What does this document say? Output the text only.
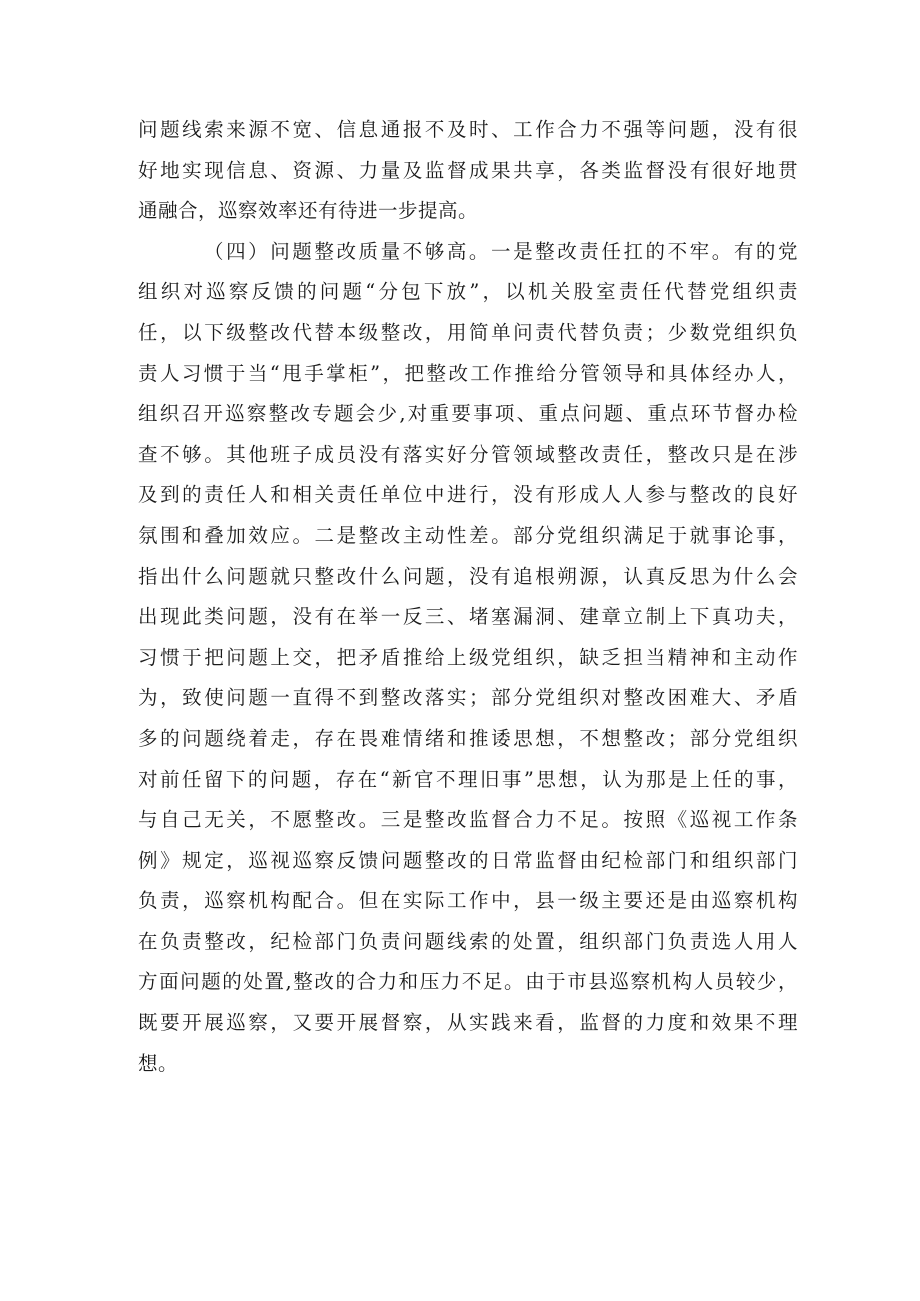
问题线索来源不宽、信息通报不及时、工作合力不强等问题，没有很
好地实现信息、资源、力量及监督成果共享，各类监督没有很好地贯
通融合，巡察效率还有待进一步提高。
（四）问题整改质量不够高。一是整改责任扛的不牢。有的党
组织对巡察反馈的问题“分包下放”，以机关股室责任代替党组织责
任，以下级整改代替本级整改，用简单问责代替负责；少数党组织负
责人习惯于当“甩手掌柜”，把整改工作推给分管领导和具体经办人，
组织召开巡察整改专题会少,对重要事项、重点问题、重点环节督办检
查不够。其他班子成员没有落实好分管领域整改责任，整改只是在涉
及到的责任人和相关责任单位中进行，没有形成人人参与整改的良好
氛围和叠加效应。二是整改主动性差。部分党组织满足于就事论事，
指出什么问题就只整改什么问题，没有追根朔源，认真反思为什么会
出现此类问题，没有在举一反三、堵塞漏洞、建章立制上下真功夫，
习惯于把问题上交，把矛盾推给上级党组织，缺乏担当精神和主动作
为，致使问题一直得不到整改落实；部分党组织对整改困难大、矛盾
多的问题绕着走，存在畏难情绪和推诿思想，不想整改；部分党组织
对前任留下的问题，存在“新官不理旧事”思想，认为那是上任的事，
与自己无关，不愿整改。三是整改监督合力不足。按照《巡视工作条
例》规定，巡视巡察反馈问题整改的日常监督由纪检部门和组织部门
负责，巡察机构配合。但在实际工作中，县一级主要还是由巡察机构
在负责整改，纪检部门负责问题线索的处置，组织部门负责选人用人
方面问题的处置,整改的合力和压力不足。由于市县巡察机构人员较少，
既要开展巡察，又要开展督察，从实践来看，监督的力度和效果不理
想。
